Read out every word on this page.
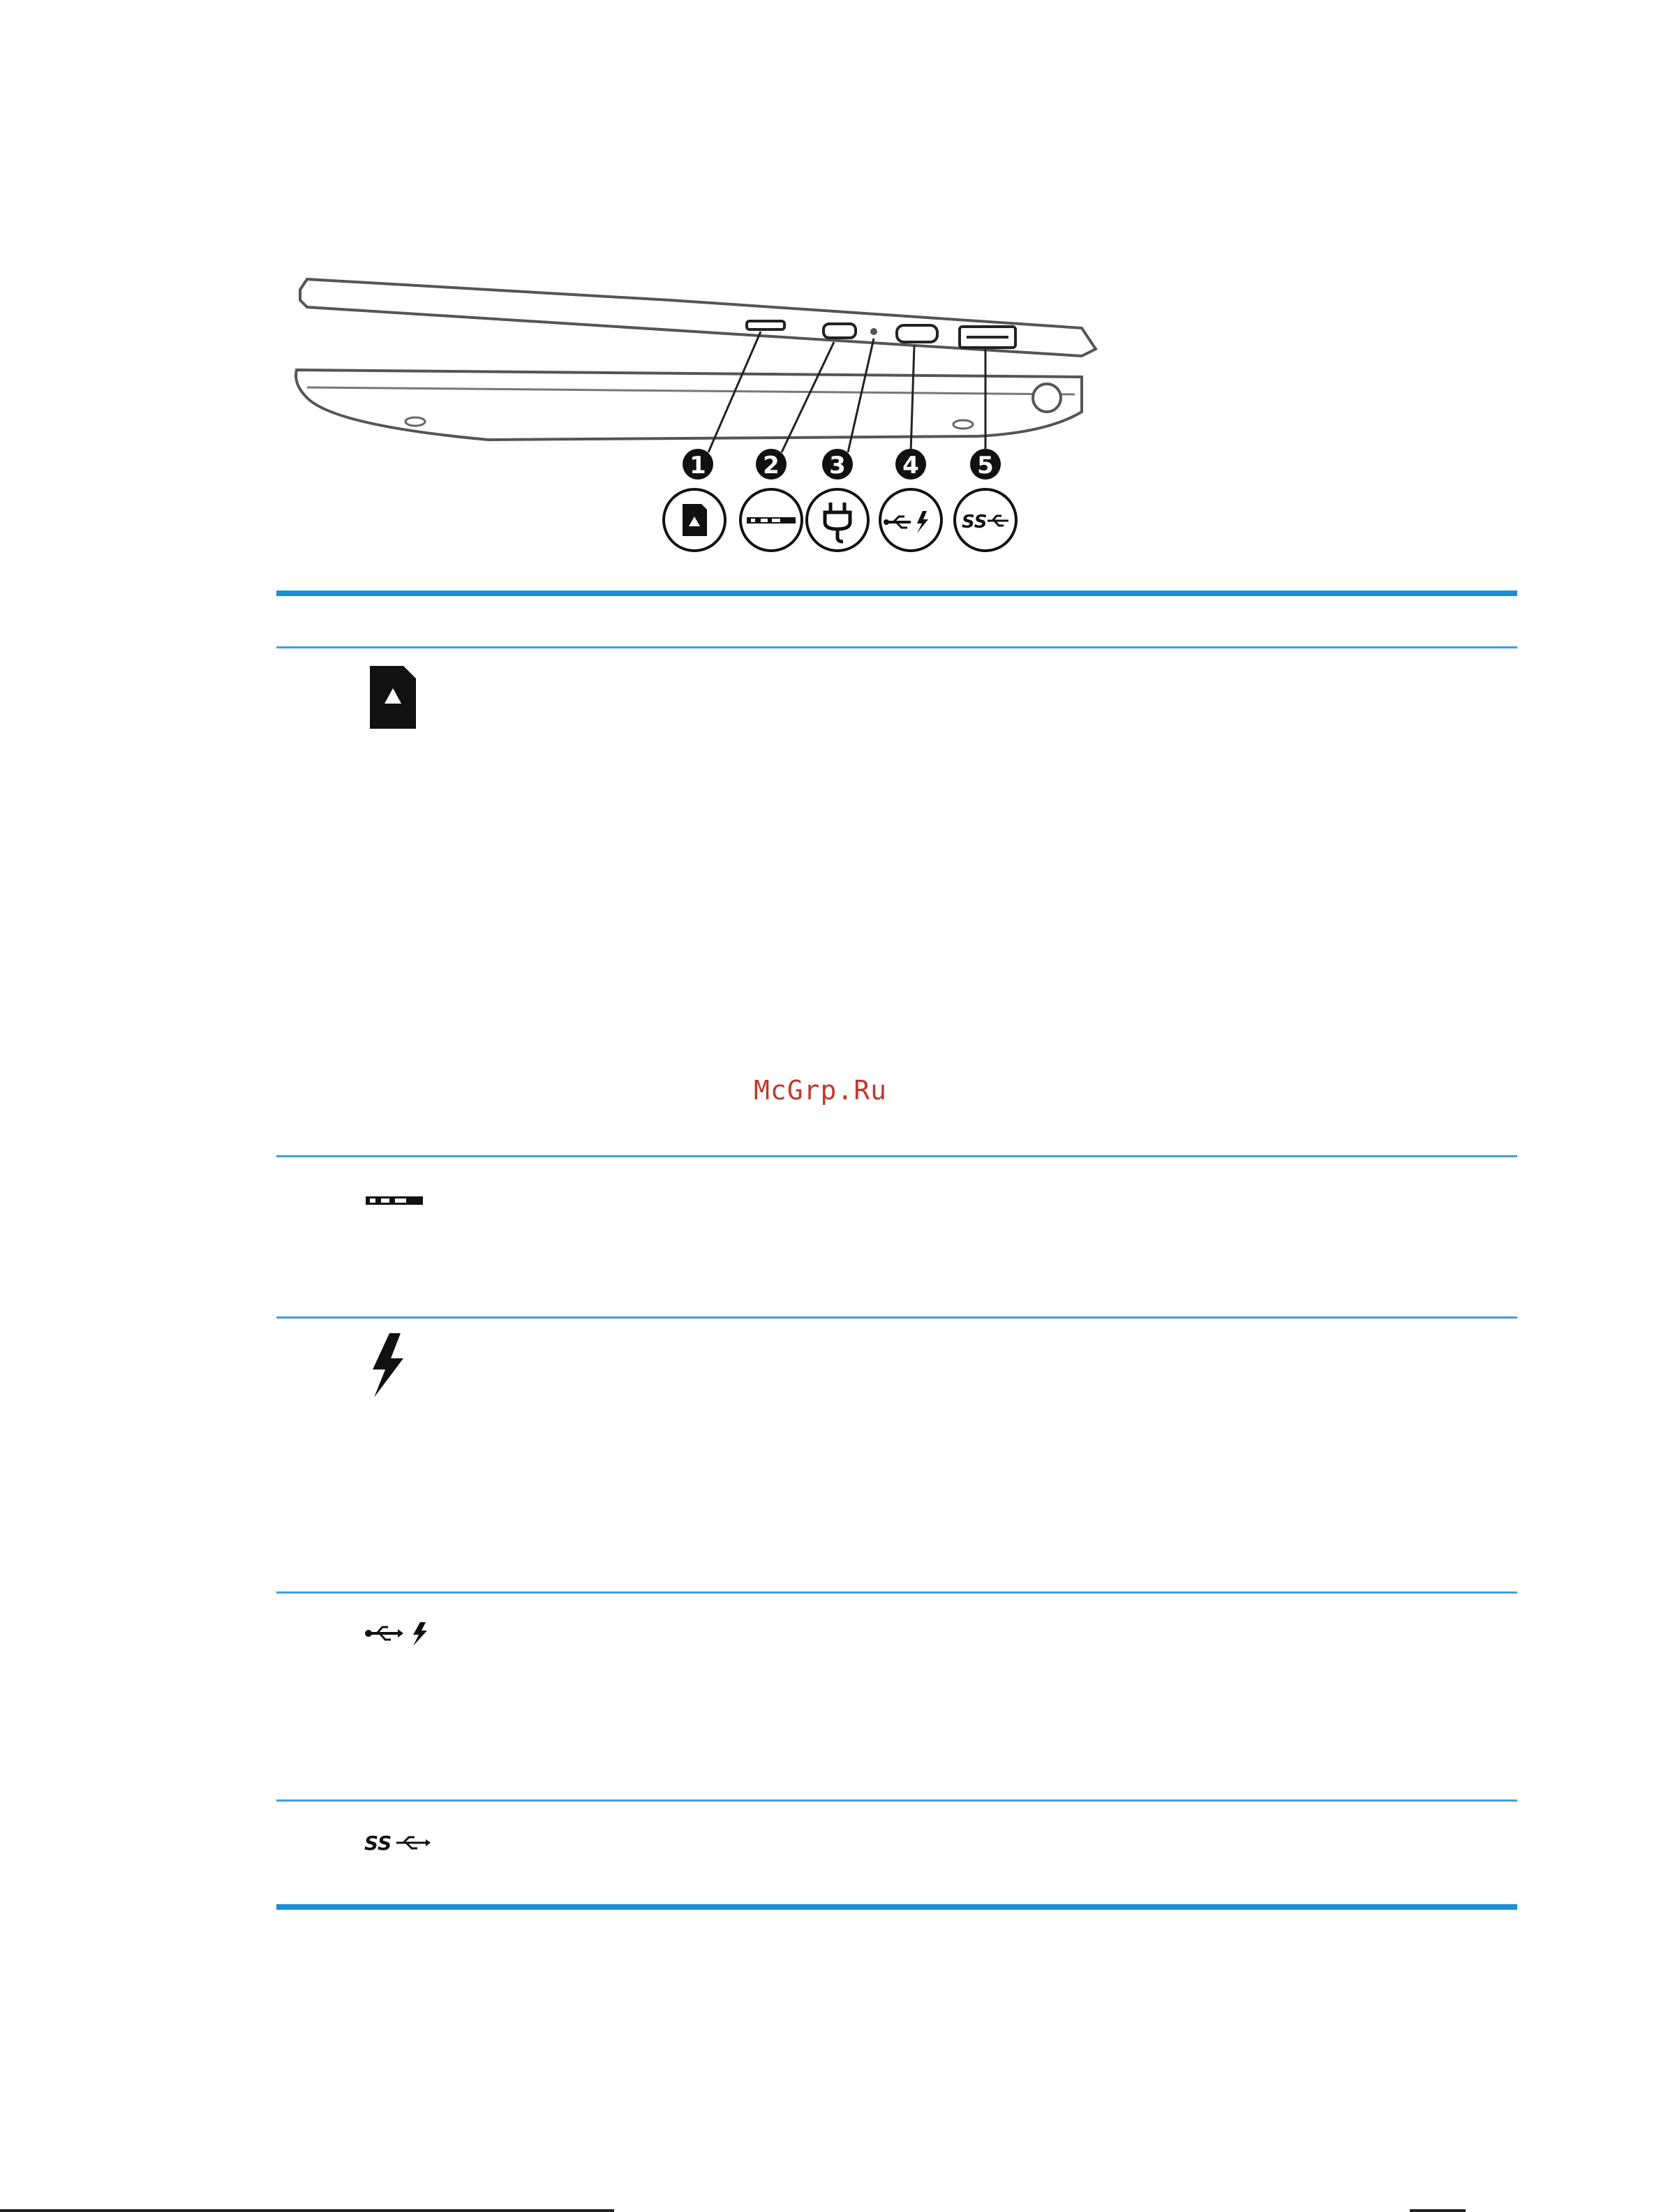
1 2 3 4 5
SS
SS
McGrp.Ru
